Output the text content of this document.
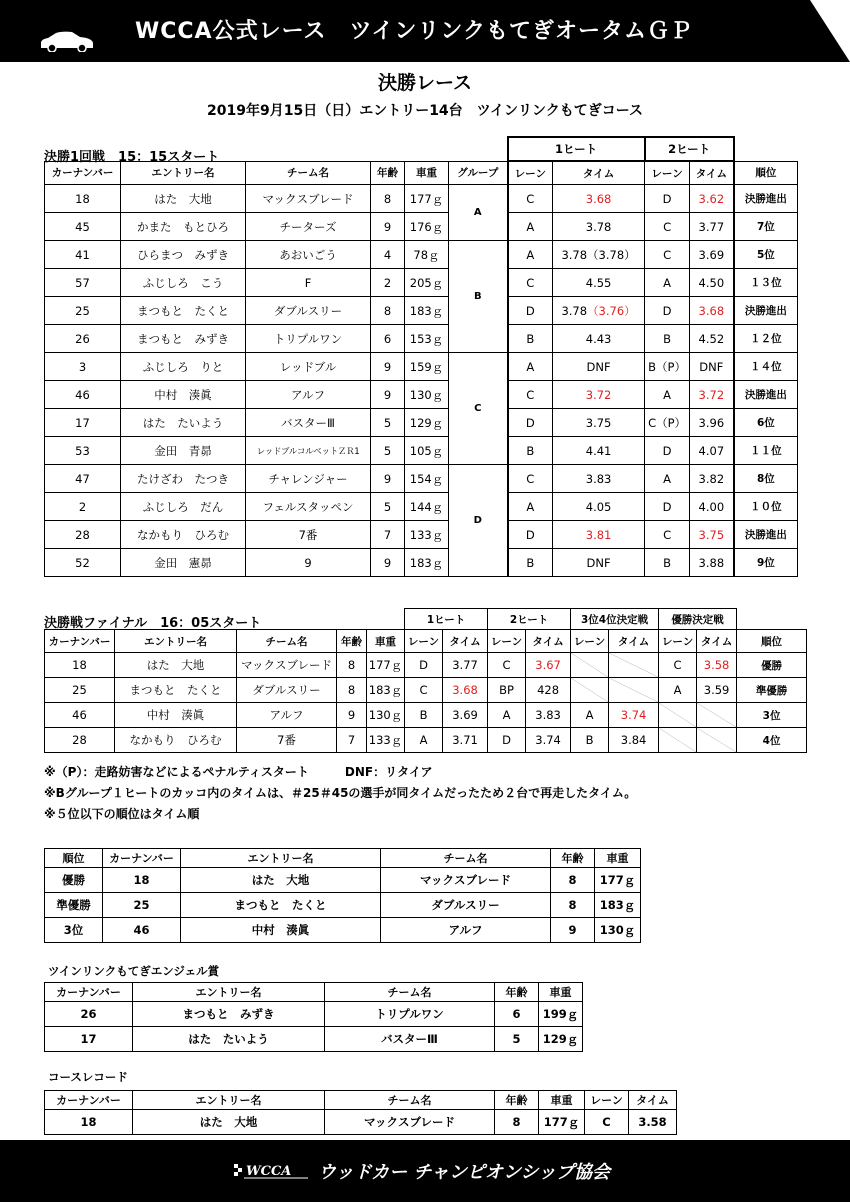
WCCA公式レース　ツインリンクもてぎオータムＧＰ
決勝レース
2019年9月15日（日）エントリー14台　ツインリンクもてぎコース
決勝1回戦　15：15スタート
						1ヒート		2ヒート		
カーナンバー	エントリー名	チーム名	年齢	車重	グループ	レーン	タイム	レーン	タイム	順位
18	はた　大地	マックスブレード	8	177ｇ	A	C	3.68	D	3.62	決勝進出
45	かまた　もとひろ	チーターズ	9	176ｇ		A	3.78	C	3.77	7位
41	ひらまつ　みずき	あおいごう	4	78ｇ	B	A	3.78（3.78）	C	3.69	5位
57	ふじしろ　こう	F	2	205ｇ		C	4.55	A	4.50	１３位
25	まつもと　たくと	ダブルスリー	8	183ｇ		D	3.78（3.76）	D	3.68	決勝進出
26	まつもと　みずき	トリプルワン	6	153ｇ		B	4.43	B	4.52	１２位
3	ふじしろ　りと	レッドブル	9	159ｇ	C	A	DNF	B（P）	DNF	１４位
46	中村　湊眞	アルフ	9	130ｇ		C	3.72	A	3.72	決勝進出
17	はた　たいよう	バスターⅢ	5	129ｇ		D	3.75	C（P）	3.96	6位
53	金田　青昴	レッドブルコルベットＺＲ1	5	105ｇ		B	4.41	D	4.07	１１位
47	たけざわ　たつき	チャレンジャー	9	154ｇ	D	C	3.83	A	3.82	8位
2	ふじしろ　だん	フェルスタッペン	5	144ｇ		A	4.05	D	4.00	１０位
28	なかもり　ひろむ	7番	7	133ｇ		D	3.81	C	3.75	決勝進出
52	金田　憲昴	9	9	183ｇ		B	DNF	B	3.88	9位
決勝戦ファイナル　16：05スタート
					1ヒート		2ヒート		3位4位決定戦		優勝決定戦		
カーナンバー	エントリー名	チーム名	年齢	車重	レーン	タイム	レーン	タイム	レーン	タイム	レーン	タイム	順位
18	はた　大地	マックスブレード	8	177ｇ	D	3.77	C	3.67			C	3.58	優勝
25	まつもと　たくと	ダブルスリー	8	183ｇ	C	3.68	BP	428			A	3.59	準優勝
46	中村　湊眞	アルフ	9	130ｇ	B	3.69	A	3.83	A	3.74			3位
28	なかもり　ひろむ	7番	7	133ｇ	A	3.71	D	3.74	B	3.84			4位
※（P）：走路妨害などによるペナルティスタート　　　DNF：リタイア
※Bグループ１ヒートのカッコ内のタイムは、＃25＃45の選手が同タイムだったため２台で再走したタイム。
※５位以下の順位はタイム順
順位	カーナンバー	エントリー名	チーム名	年齢	車重
優勝	18	はた　大地	マックスブレード	8	177ｇ
準優勝	25	まつもと　たくと	ダブルスリー	8	183ｇ
3位	46	中村　湊眞	アルフ	9	130ｇ
ツインリンクもてぎエンジェル賞
カーナンバー	エントリー名	チーム名	年齢	車重
26	まつもと　みずき	トリプルワン	6	199ｇ
17	はた　たいよう	バスターⅢ	5	129ｇ
コースレコード
カーナンバー	エントリー名	チーム名	年齢	車重	レーン	タイム
18	はた　大地	マックスブレード	8	177ｇ	C	3.58
WCCA ウッドカー チャンピオンシップ協会
